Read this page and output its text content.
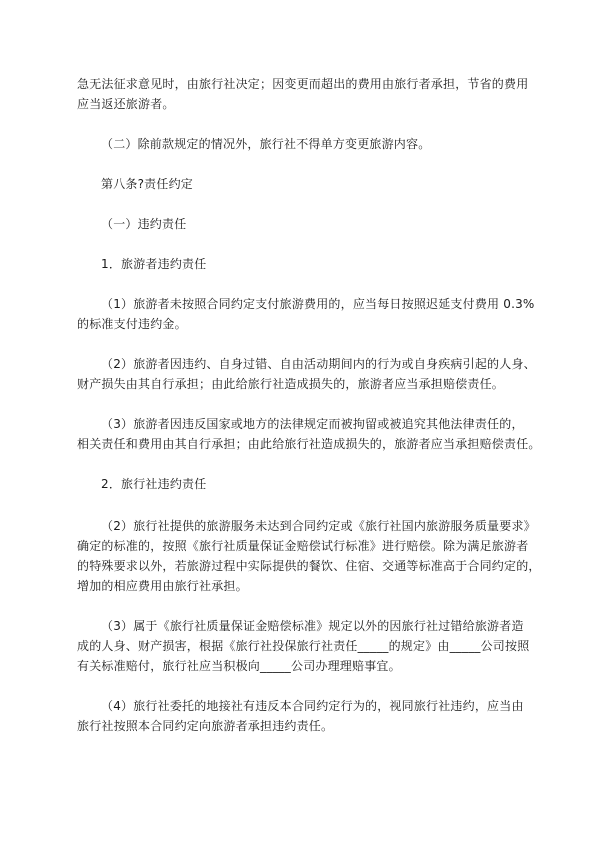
急无法征求意见时，由旅行社决定；因变更而超出的费用由旅行者承担，节省的费用
应当返还旅游者。
（二）除前款规定的情况外，旅行社不得单方变更旅游内容。
第八条?责任约定
（一）违约责任
1．旅游者违约责任
（1）旅游者未按照合同约定支付旅游费用的，应当每日按照迟延支付费用 0.3%
的标准支付违约金。
（2）旅游者因违约、自身过错、自由活动期间内的行为或自身疾病引起的人身、
财产损失由其自行承担；由此给旅行社造成损失的，旅游者应当承担赔偿责任。
（3）旅游者因违反国家或地方的法律规定而被拘留或被追究其他法律责任的，
相关责任和费用由其自行承担；由此给旅行社造成损失的，旅游者应当承担赔偿责任。
2．旅行社违约责任
（2）旅行社提供的旅游服务未达到合同约定或《旅行社国内旅游服务质量要求》
确定的标准的，按照《旅行社质量保证金赔偿试行标准》进行赔偿。除为满足旅游者
的特殊要求以外，若旅游过程中实际提供的餐饮、住宿、交通等标准高于合同约定的，
增加的相应费用由旅行社承担。
（3）属于《旅行社质量保证金赔偿标准》规定以外的因旅行社过错给旅游者造
成的人身、财产损害，根据《旅行社投保旅行社责任_____的规定》由_____公司按照
有关标准赔付，旅行社应当积极向_____公司办理理赔事宜。
（4）旅行社委托的地接社有违反本合同约定行为的，视同旅行社违约，应当由
旅行社按照本合同约定向旅游者承担违约责任。
